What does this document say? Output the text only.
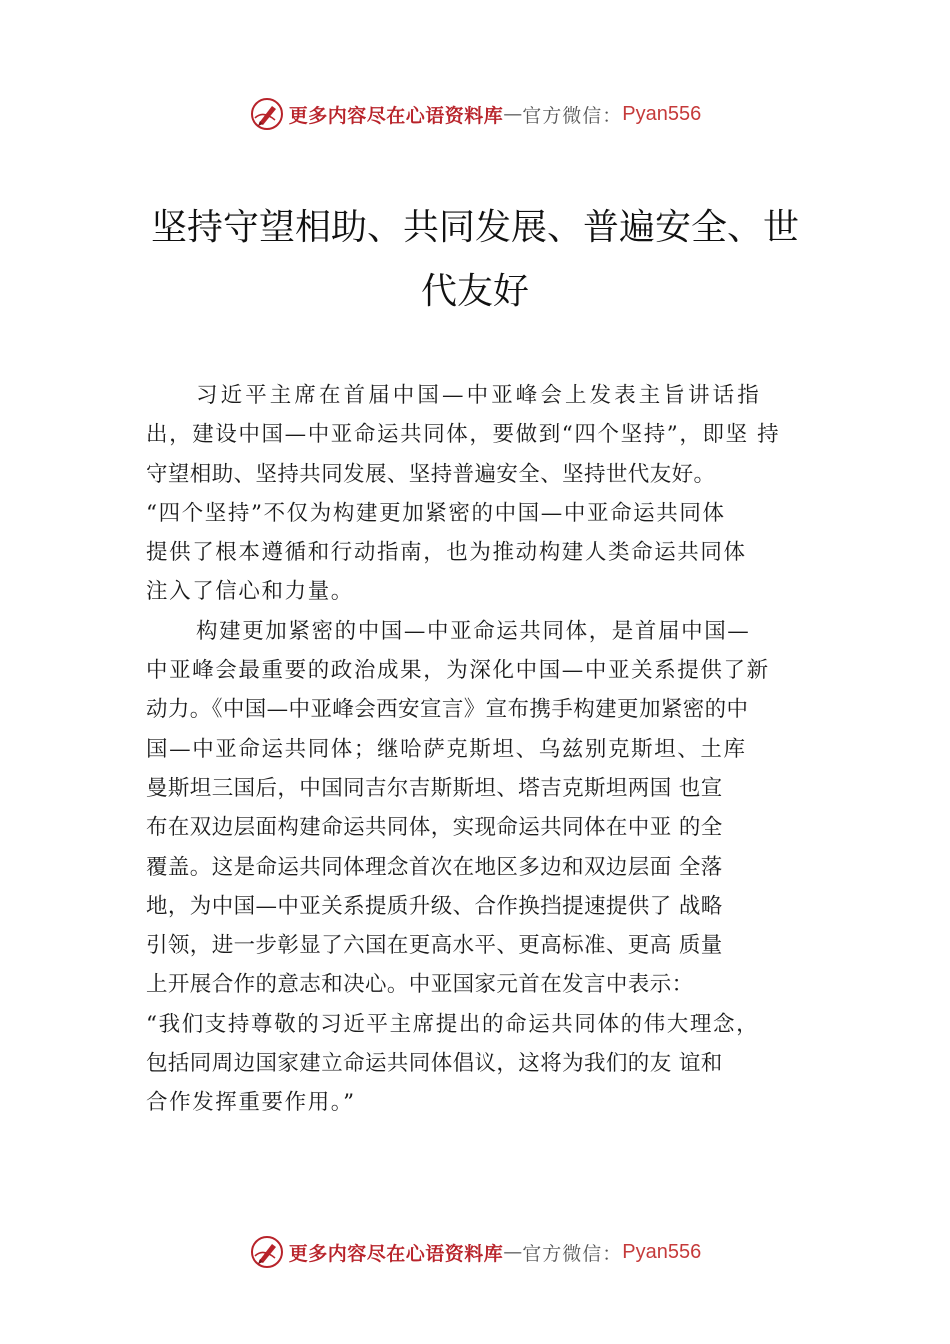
更多内容尽在心语资料库 — 官方微信： Pyan556
坚持守望相助、共同发展、普遍安全、世
代友好
习近平主席在首届中国—中亚峰会上发表主旨讲话指
出，建设中国—中亚命运共同体，要做到“四个坚持”，即坚 持
守望相助、坚持共同发展、坚持普遍安全、坚持世代友好。
“四个坚持”不仅为构建更加紧密的中国—中亚命运共同体
提供了根本遵循和行动指南，也为推动构建人类命运共同体
注入了信心和力量。
构建更加紧密的中国—中亚命运共同体，是首届中国—
中亚峰会最重要的政治成果，为深化中国—中亚关系提供了新
动力。《中国—中亚峰会西安宣言》宣布携手构建更加紧密的中
国—中亚命运共同体；继哈萨克斯坦、乌兹别克斯坦、土库
曼斯坦三国后，中国同吉尔吉斯斯坦、塔吉克斯坦两国 也宣
布在双边层面构建命运共同体，实现命运共同体在中亚 的全
覆盖。这是命运共同体理念首次在地区多边和双边层面 全落
地，为中国—中亚关系提质升级、合作换挡提速提供了 战略
引领，进一步彰显了六国在更高水平、更高标准、更高 质量
上开展合作的意志和决心。中亚国家元首在发言中表示：
“我们支持尊敬的习近平主席提出的命运共同体的伟大理念，
包括同周边国家建立命运共同体倡议，这将为我们的友 谊和
合作发挥重要作用。”
更多内容尽在心语资料库 — 官方微信： Pyan556
